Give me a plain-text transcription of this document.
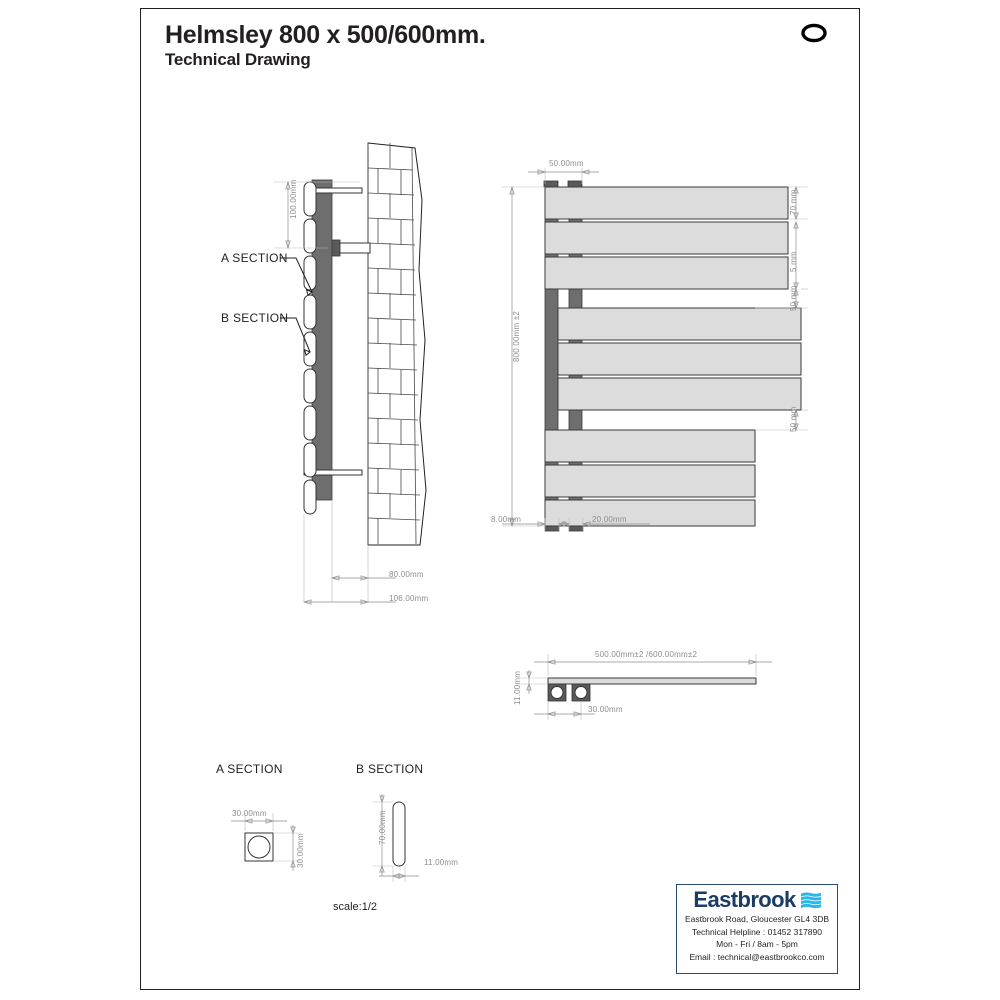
Helmsley 800 x 500/600mm.
Technical Drawing
A SECTION
B SECTION
100.00mm
80.00mm
106.00mm
50.00mm
800.00mm ±2
70 mm
5 mm
50 mm
50 mm
8.00mm	20.00mm
500.00mm±2 /600.00mm±2
11.00mm
30.00mm
A SECTION
30.00mm
30.00mm
B SECTION
70.00mm
11.00mm
scale:1/2	Eastbrook
Eastbrook Road, Gloucester GL4 3DB
Technical Helpline : 01452 317890
Mon - Fri / 8am - 5pm
Email : technical@eastbrookco.com
